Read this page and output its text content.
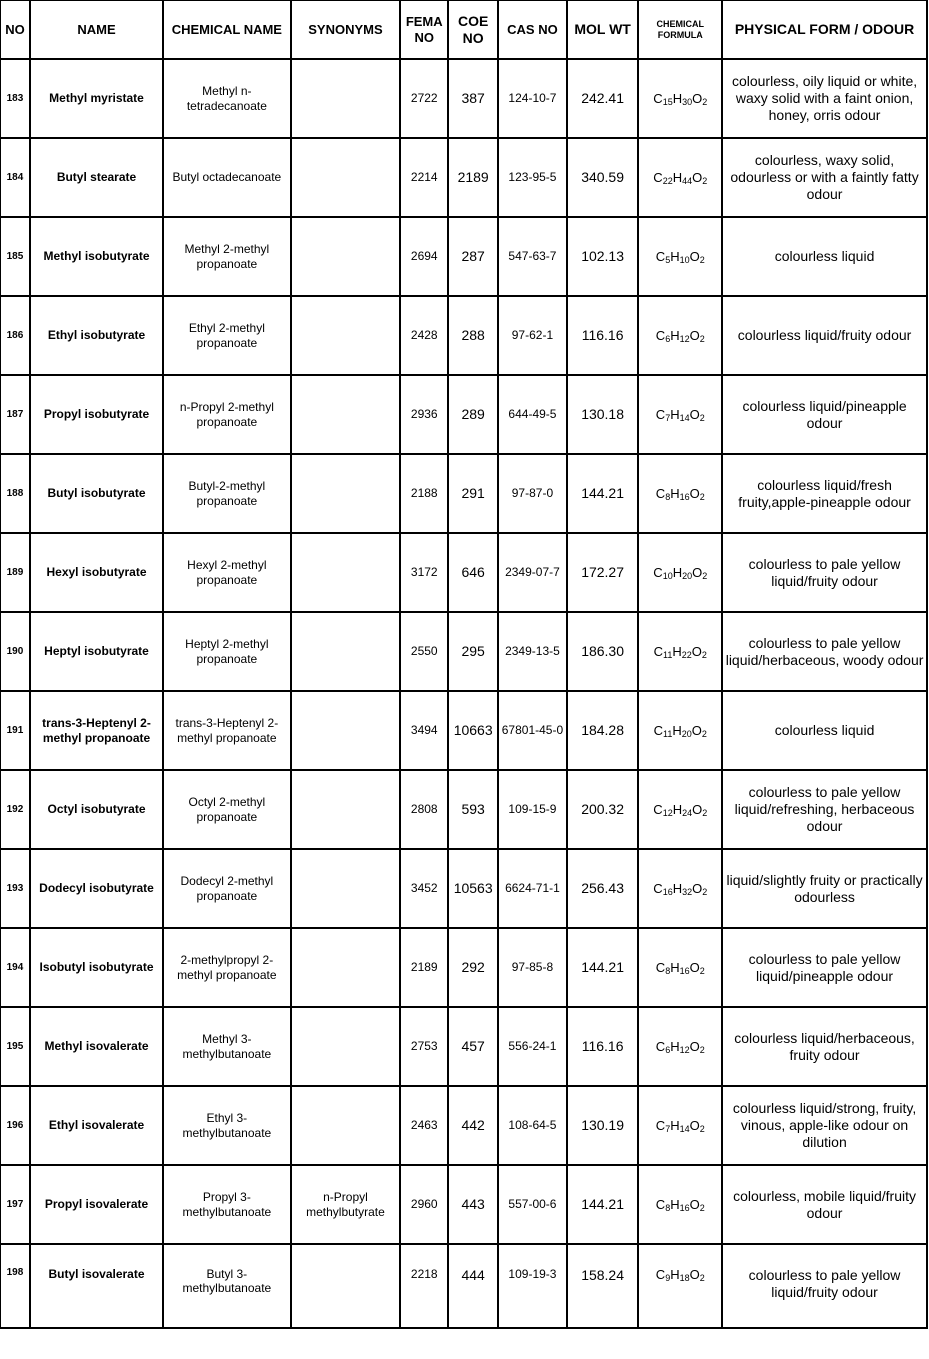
NO	NAME	CHEMICAL NAME	SYNONYMS	FEMA NO	COE NO	CAS NO	MOL WT	CHEMICAL FORMULA	PHYSICAL FORM / ODOUR
183	Methyl myristate	Methyl n-tetradecanoate		2722	387	124-10-7	242.41	$C_{15}H_{30}O_2$	colourless, oily liquid or white, waxy solid with a faint onion, honey, orris odour
184	Butyl stearate	Butyl octadecanoate		2214	2189	123-95-5	340.59	$C_{22}H_{44}O_2$	colourless, waxy solid, odourless or with a faintly fatty odour
185	Methyl isobutyrate	Methyl 2-methyl propanoate		2694	287	547-63-7	102.13	$C_5H_{10}O_2$	colourless liquid
186	Ethyl isobutyrate	Ethyl 2-methyl propanoate		2428	288	97-62-1	116.16	$C_6H_{12}O_2$	colourless liquid/fruity odour
187	Propyl isobutyrate	n-Propyl 2-methyl propanoate		2936	289	644-49-5	130.18	$C_7H_{14}O_2$	colourless liquid/pineapple odour
188	Butyl isobutyrate	Butyl-2-methyl propanoate		2188	291	97-87-0	144.21	$C_8H_{16}O_2$	colourless liquid/fresh fruity,apple-pineapple odour
189	Hexyl isobutyrate	Hexyl 2-methyl propanoate		3172	646	2349-07-7	172.27	$C_{10}H_{20}O_2$	colourless to pale yellow liquid/fruity odour
190	Heptyl isobutyrate	Heptyl 2-methyl propanoate		2550	295	2349-13-5	186.30	$C_{11}H_{22}O_2$	colourless to pale yellow liquid/herbaceous, woody odour
191	trans-3-Heptenyl 2-methyl propanoate	trans-3-Heptenyl 2-methyl propanoate		3494	10663	67801-45-0	184.28	$C_{11}H_{20}O_2$	colourless liquid
192	Octyl isobutyrate	Octyl 2-methyl propanoate		2808	593	109-15-9	200.32	$C_{12}H_{24}O_2$	colourless to pale yellow liquid/refreshing, herbaceous odour
193	Dodecyl isobutyrate	Dodecyl 2-methyl propanoate		3452	10563	6624-71-1	256.43	$C_{16}H_{32}O_2$	liquid/slightly fruity or practically odourless
194	Isobutyl isobutyrate	2-methylpropyl 2-methyl propanoate		2189	292	97-85-8	144.21	$C_8H_{16}O_2$	colourless to pale yellow liquid/pineapple odour
195	Methyl isovalerate	Methyl 3-methylbutanoate		2753	457	556-24-1	116.16	$C_6H_{12}O_2$	colourless liquid/herbaceous, fruity odour
196	Ethyl isovalerate	Ethyl 3-methylbutanoate		2463	442	108-64-5	130.19	$C_7H_{14}O_2$	colourless liquid/strong, fruity, vinous, apple-like odour on dilution
197	Propyl isovalerate	Propyl 3-methylbutanoate	n-Propyl methylbutyrate	2960	443	557-00-6	144.21	$C_8H_{16}O_2$	colourless, mobile liquid/fruity odour
198	Butyl isovalerate	Butyl 3-methylbutanoate		2218	444	109-19-3	158.24	$C_9H_{18}O_2$	colourless to pale yellow liquid/fruity odour
